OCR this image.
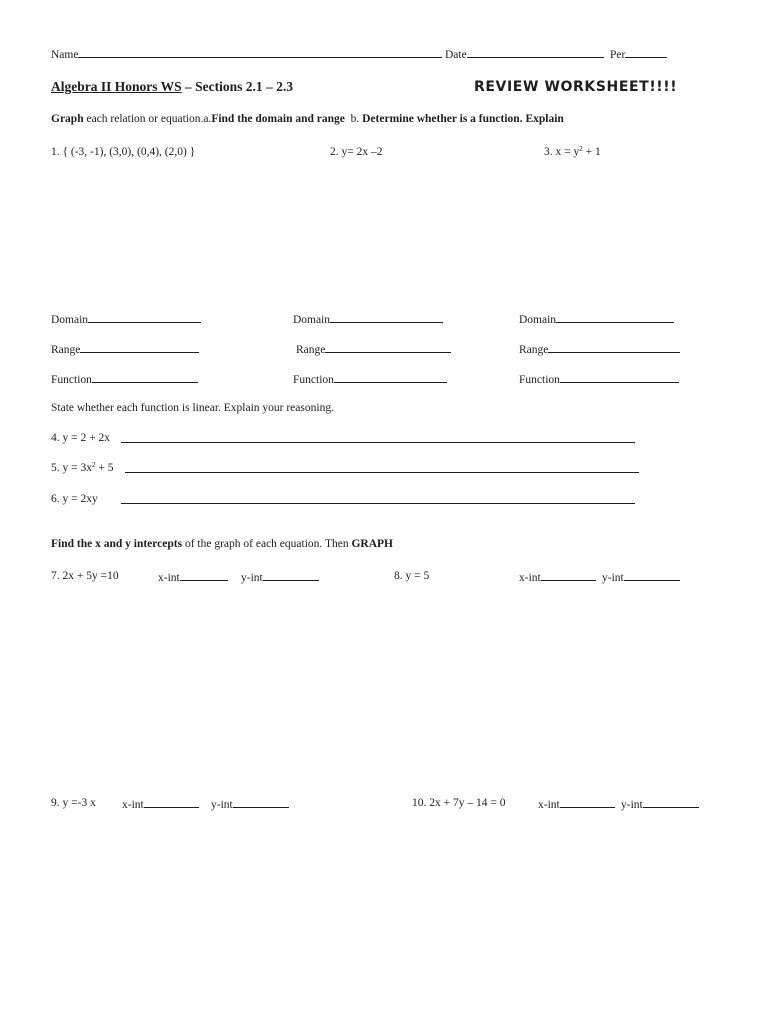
Name	Date	Per
Algebra II Honors WS – Sections 2.1 – 2.3	REVIEW WORKSHEET!!!!
Graph each relation or equation.a.Find the domain and range  b. Determine whether is a function. Explain
1. { (-3, -1), (3,0), (0,4), (2,0) }	2. y= 2x –2	3. $x = y^2 + 1$
Domain	Domain	Domain
Range	Range	Range
Function	Function	Function
State whether each function is linear. Explain your reasoning.
4. y = 2 + 2x
5. $y = 3x^2 + 5$
6. y = 2xy
Find the x and y intercepts of the graph of each equation. Then GRAPH
7. 2x + 5y =10	x-int	y-int	8. y = 5	x-int	y-int
9. y =-3 x x-int	y-int	10. 2x + 7y – 14 = 0	x-int	y-int
